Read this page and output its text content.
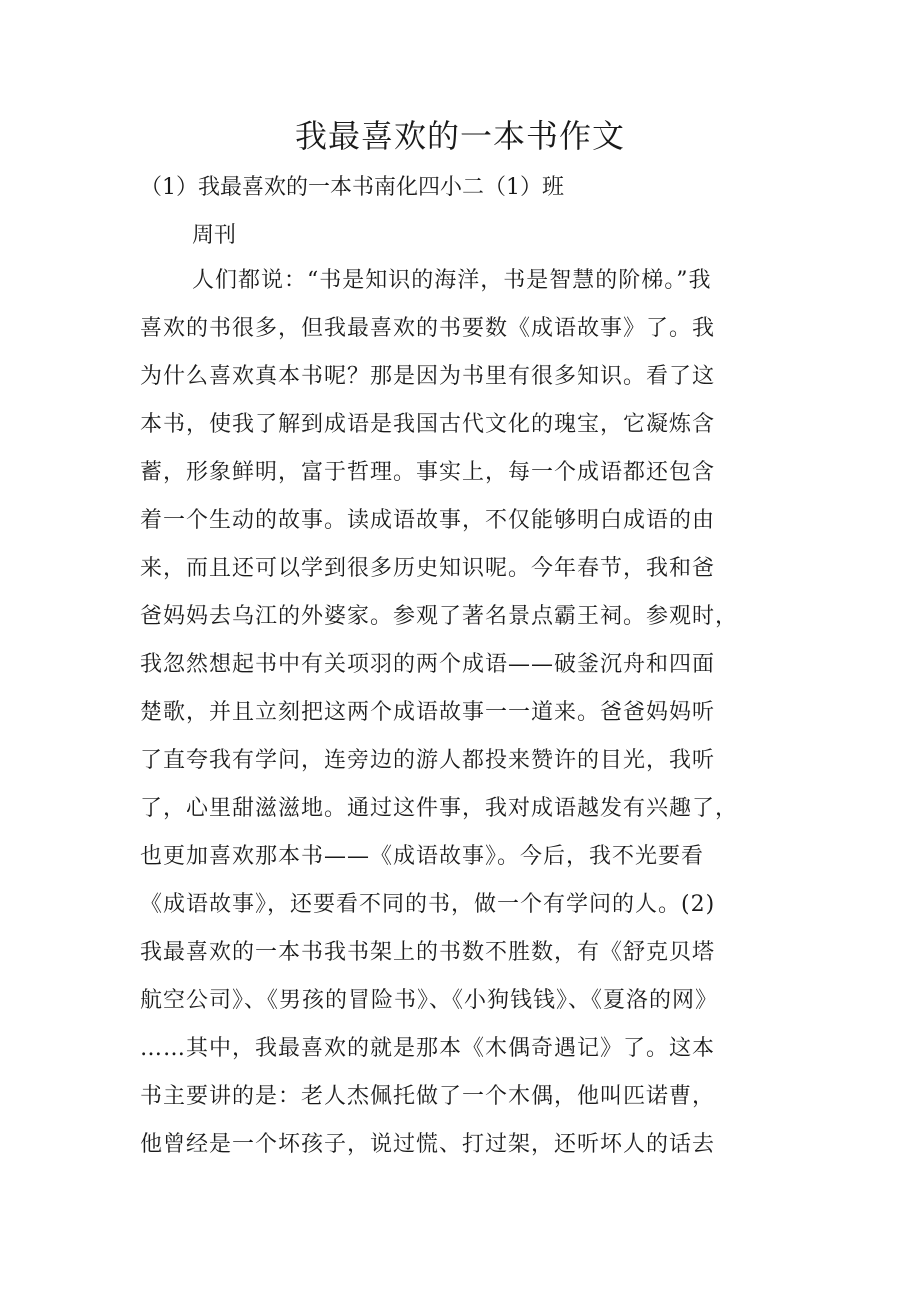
我最喜欢的一本书作文

（1）我最喜欢的一本书南化四小二（1）班

周刊

人们都说：“书是知识的海洋，书是智慧的阶梯。”我
喜欢的书很多，但我最喜欢的书要数《成语故事》了。我
为什么喜欢真本书呢？那是因为书里有很多知识。看了这
本书，使我了解到成语是我国古代文化的瑰宝，它凝炼含
蓄，形象鲜明，富于哲理。事实上，每一个成语都还包含
着一个生动的故事。读成语故事，不仅能够明白成语的由
来，而且还可以学到很多历史知识呢。今年春节，我和爸
爸妈妈去乌江的外婆家。参观了著名景点霸王祠。参观时，
我忽然想起书中有关项羽的两个成语——破釜沉舟和四面
楚歌，并且立刻把这两个成语故事一一道来。爸爸妈妈听
了直夸我有学问，连旁边的游人都投来赞许的目光，我听
了，心里甜滋滋地。通过这件事，我对成语越发有兴趣了，
也更加喜欢那本书——《成语故事》。今后，我不光要看
《成语故事》，还要看不同的书，做一个有学问的人。(2)
我最喜欢的一本书我书架上的书数不胜数，有《舒克贝塔
航空公司》、《男孩的冒险书》、《小狗钱钱》、《夏洛的网》
……其中，我最喜欢的就是那本《木偶奇遇记》了。这本
书主要讲的是：老人杰佩托做了一个木偶，他叫匹诺曹，
他曾经是一个坏孩子，说过慌、打过架，还听坏人的话去
